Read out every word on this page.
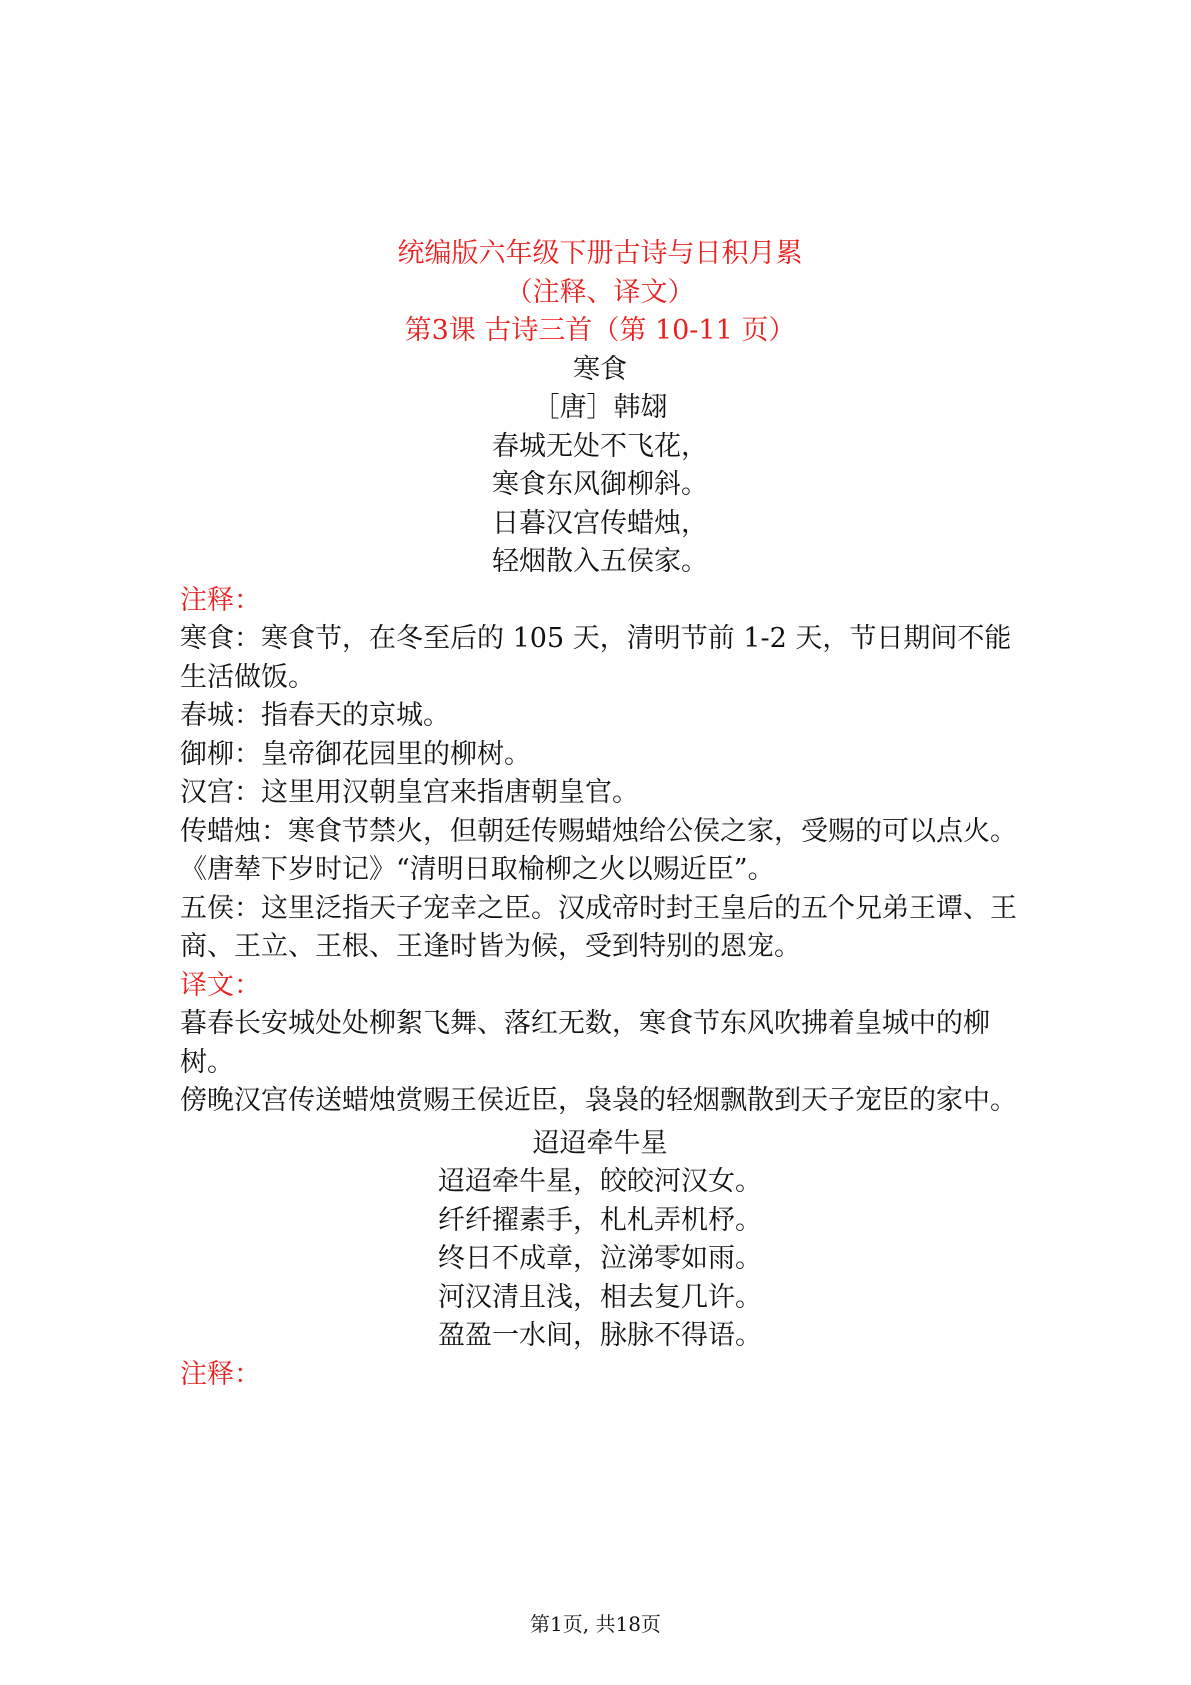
统编版六年级下册古诗与日积月累
（注释、译文）
第3课 古诗三首（第 10-11 页）
寒食
［唐］韩翃
春城无处不飞花，
寒食东风御柳斜。
日暮汉宫传蜡烛，
轻烟散入五侯家。
注释：
寒食：寒食节，在冬至后的 105 天，清明节前 1-2 天，节日期间不能生活做饭。
春城：指春天的京城。
御柳：皇帝御花园里的柳树。
汉宫：这里用汉朝皇宫来指唐朝皇官。
传蜡烛：寒食节禁火，但朝廷传赐蜡烛给公侯之家，受赐的可以点火。《唐辇下岁时记》“清明日取榆柳之火以赐近臣”。
五侯：这里泛指天子宠幸之臣。汉成帝时封王皇后的五个兄弟王谭、王商、王立、王根、王逢时皆为候，受到特别的恩宠。
译文：
暮春长安城处处柳絮飞舞、落红无数，寒食节东风吹拂着皇城中的柳树。
傍晚汉宫传送蜡烛赏赐王侯近臣，袅袅的轻烟飘散到天子宠臣的家中。
迢迢牵牛星
迢迢牵牛星，皎皎河汉女。
纤纤擢素手，札札弄机杼。
终日不成章，泣涕零如雨。
河汉清且浅，相去复几许。
盈盈一水间，脉脉不得语。
注释：
第1页, 共18页
